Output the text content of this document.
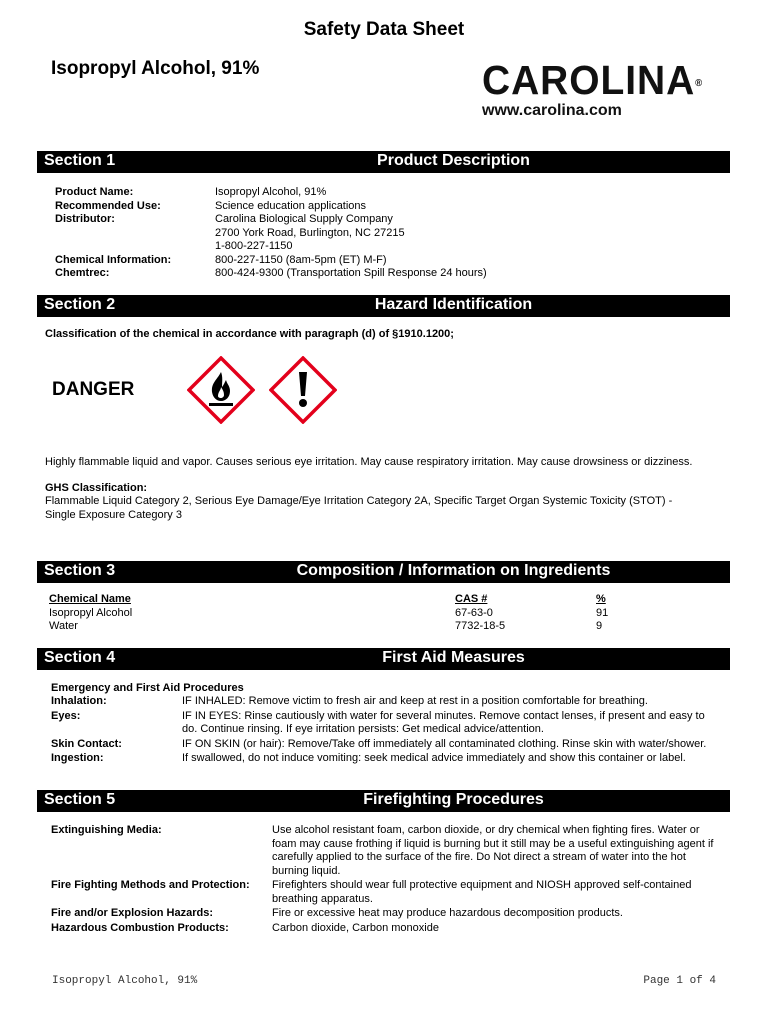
Safety Data Sheet
Isopropyl Alcohol, 91%	CAROLINA®
www.carolina.com
Section 1	Product Description
Product Name:	Isopropyl Alcohol, 91%
Recommended Use:	Science education applications
Distributor:	Carolina Biological Supply Company
	2700 York Road, Burlington, NC 27215
	1-800-227-1150
Chemical Information:	800-227-1150 (8am-5pm (ET) M-F)
Chemtrec:	800-424-9300 (Transportation Spill Response 24 hours)
Section 2	Hazard Identification
Classification of the chemical in accordance with paragraph (d) of §1910.1200;
DANGER
Highly flammable liquid and vapor. Causes serious eye irritation. May cause respiratory irritation. May cause drowsiness or dizziness.
GHS Classification:
Flammable Liquid Category 2, Serious Eye Damage/Eye Irritation Category 2A, Specific Target Organ Systemic Toxicity (STOT) - Single Exposure Category 3
Section 3	Composition / Information on Ingredients
Chemical Name	CAS #	%
Isopropyl Alcohol	67-63-0	91
Water	7732-18-5	9
Section 4	First Aid Measures
Emergency and First Aid Procedures
Inhalation:	IF INHALED: Remove victim to fresh air and keep at rest in a position comfortable for breathing.
Eyes:	IF IN EYES: Rinse cautiously with water for several minutes. Remove contact lenses, if present and easy to do. Continue rinsing. If eye irritation persists: Get medical advice/attention.
Skin Contact:	IF ON SKIN (or hair): Remove/Take off immediately all contaminated clothing. Rinse skin with water/shower.
Ingestion:	If swallowed, do not induce vomiting: seek medical advice immediately and show this container or label.
Section 5	Firefighting Procedures
Extinguishing Media:	Use alcohol resistant foam, carbon dioxide, or dry chemical when fighting fires. Water or foam may cause frothing if liquid is burning but it still may be a useful extinguishing agent if carefully applied to the surface of the fire. Do Not direct a stream of water into the hot burning liquid.
Fire Fighting Methods and Protection:	Firefighters should wear full protective equipment and NIOSH approved self-contained breathing apparatus.
Fire and/or Explosion Hazards:	Fire or excessive heat may produce hazardous decomposition products.
Hazardous Combustion Products:	Carbon dioxide, Carbon monoxide
Isopropyl Alcohol, 91%	Page 1 of 4
